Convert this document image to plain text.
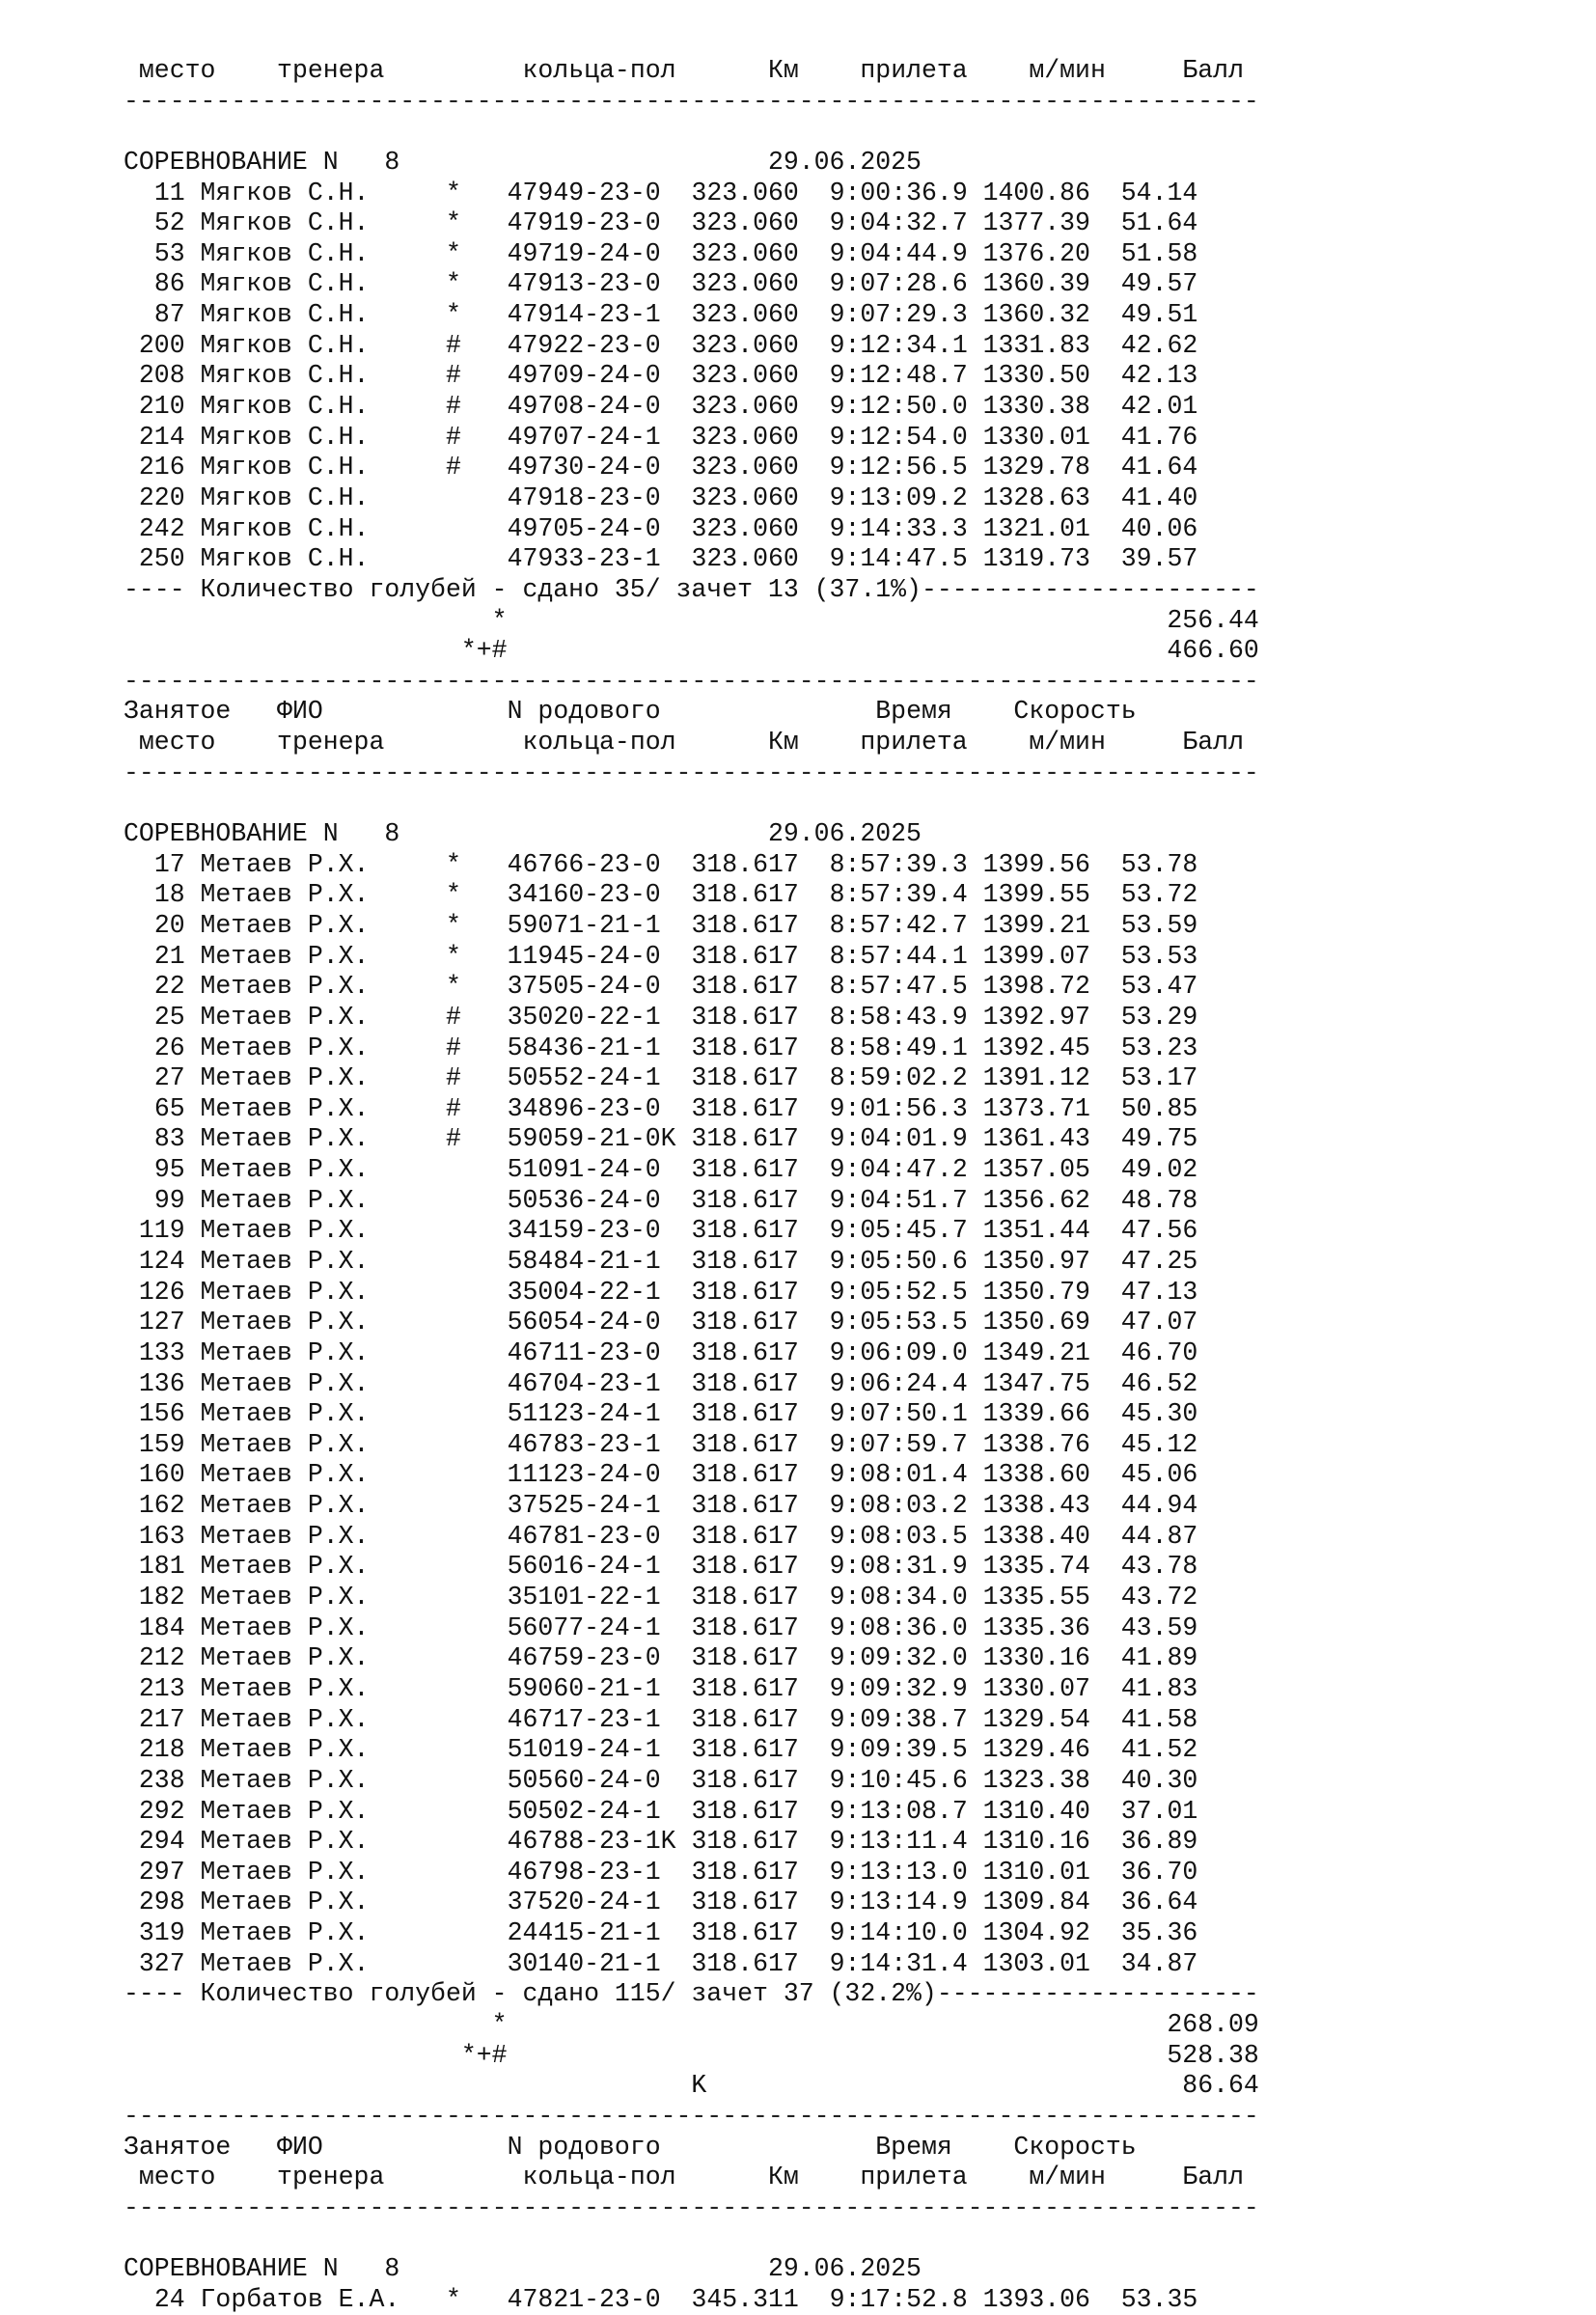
место тренера	кольца-пол	Км прилета м/мин	Балл
--------------------------------------------------------------------------
СОРЕВНОВАНИЕ N 8	29.06.2025
11 Мягков С.Н.	* 47949-23-0 323.060 9:00:36.9 1400.86 54.14
52 Мягков С.Н.	* 47919-23-0 323.060 9:04:32.7 1377.39 51.64
53 Мягков С.Н.	* 49719-24-0 323.060 9:04:44.9 1376.20 51.58
86 Мягков С.Н.	* 47913-23-0 323.060 9:07:28.6 1360.39 49.57
87 Мягков С.Н.	* 47914-23-1 323.060 9:07:29.3 1360.32 49.51
200 Мягков С.Н.	# 47922-23-0 323.060 9:12:34.1 1331.83 42.62
208 Мягков С.Н.	# 49709-24-0 323.060 9:12:48.7 1330.50 42.13
210 Мягков С.Н.	# 49708-24-0 323.060 9:12:50.0 1330.38 42.01
214 Мягков С.Н.	# 49707-24-1 323.060 9:12:54.0 1330.01 41.76
216 Мягков С.Н.	# 49730-24-0 323.060 9:12:56.5 1329.78 41.64
220 Мягков С.Н.	47918-23-0 323.060 9:13:09.2 1328.63 41.40
242 Мягков С.Н.	49705-24-0 323.060 9:14:33.3 1321.01 40.06
250 Мягков С.Н.	47933-23-1 323.060 9:14:47.5 1319.73 39.57
---- Количество голубей - сдано 35/ зачет 13 (37.1%)----------------------
*	256.44
*+#	466.60
--------------------------------------------------------------------------
Занятое ФИО	N родового	Время Скорость
место тренера	кольца-пол	Км прилета м/мин	Балл
--------------------------------------------------------------------------
СОРЕВНОВАНИЕ N 8	29.06.2025
17 Метаев Р.Х.	* 46766-23-0 318.617 8:57:39.3 1399.56 53.78
18 Метаев Р.Х.	* 34160-23-0 318.617 8:57:39.4 1399.55 53.72
20 Метаев Р.Х.	* 59071-21-1 318.617 8:57:42.7 1399.21 53.59
21 Метаев Р.Х.	* 11945-24-0 318.617 8:57:44.1 1399.07 53.53
22 Метаев Р.Х.	* 37505-24-0 318.617 8:57:47.5 1398.72 53.47
25 Метаев Р.Х.	# 35020-22-1 318.617 8:58:43.9 1392.97 53.29
26 Метаев Р.Х.	# 58436-21-1 318.617 8:58:49.1 1392.45 53.23
27 Метаев Р.Х.	# 50552-24-1 318.617 8:59:02.2 1391.12 53.17
65 Метаев Р.Х.	# 34896-23-0 318.617 9:01:56.3 1373.71 50.85
83 Метаев Р.Х.	# 59059-21-0K 318.617 9:04:01.9 1361.43 49.75
95 Метаев Р.Х.	51091-24-0 318.617 9:04:47.2 1357.05 49.02
99 Метаев Р.Х.	50536-24-0 318.617 9:04:51.7 1356.62 48.78
119 Метаев Р.Х.	34159-23-0 318.617 9:05:45.7 1351.44 47.56
124 Метаев Р.Х.	58484-21-1 318.617 9:05:50.6 1350.97 47.25
126 Метаев Р.Х.	35004-22-1 318.617 9:05:52.5 1350.79 47.13
127 Метаев Р.Х.	56054-24-0 318.617 9:05:53.5 1350.69 47.07
133 Метаев Р.Х.	46711-23-0 318.617 9:06:09.0 1349.21 46.70
136 Метаев Р.Х.	46704-23-1 318.617 9:06:24.4 1347.75 46.52
156 Метаев Р.Х.	51123-24-1 318.617 9:07:50.1 1339.66 45.30
159 Метаев Р.Х.	46783-23-1 318.617 9:07:59.7 1338.76 45.12
160 Метаев Р.Х.	11123-24-0 318.617 9:08:01.4 1338.60 45.06
162 Метаев Р.Х.	37525-24-1 318.617 9:08:03.2 1338.43 44.94
163 Метаев Р.Х.	46781-23-0 318.617 9:08:03.5 1338.40 44.87
181 Метаев Р.Х.	56016-24-1 318.617 9:08:31.9 1335.74 43.78
182 Метаев Р.Х.	35101-22-1 318.617 9:08:34.0 1335.55 43.72
184 Метаев Р.Х.	56077-24-1 318.617 9:08:36.0 1335.36 43.59
212 Метаев Р.Х.	46759-23-0 318.617 9:09:32.0 1330.16 41.89
213 Метаев Р.Х.	59060-21-1 318.617 9:09:32.9 1330.07 41.83
217 Метаев Р.Х.	46717-23-1 318.617 9:09:38.7 1329.54 41.58
218 Метаев Р.Х.	51019-24-1 318.617 9:09:39.5 1329.46 41.52
238 Метаев Р.Х.	50560-24-0 318.617 9:10:45.6 1323.38 40.30
292 Метаев Р.Х.	50502-24-1 318.617 9:13:08.7 1310.40 37.01
294 Метаев Р.Х.	46788-23-1K 318.617 9:13:11.4 1310.16 36.89
297 Метаев Р.Х.	46798-23-1 318.617 9:13:13.0 1310.01 36.70
298 Метаев Р.Х.	37520-24-1 318.617 9:13:14.9 1309.84 36.64
319 Метаев Р.Х.	24415-21-1 318.617 9:14:10.0 1304.92 35.36
327 Метаев Р.Х.	30140-21-1 318.617 9:14:31.4 1303.01 34.87
---- Количество голубей - сдано 115/ зачет 37 (32.2%)---------------------
*	268.09
*+#	528.38
K	86.64
--------------------------------------------------------------------------
Занятое ФИО	N родового	Время Скорость
место тренера	кольца-пол	Км прилета м/мин	Балл
--------------------------------------------------------------------------
СОРЕВНОВАНИЕ N 8	29.06.2025
24 Горбатов Е.А. * 47821-23-0 345.311 9:17:52.8 1393.06 53.35
